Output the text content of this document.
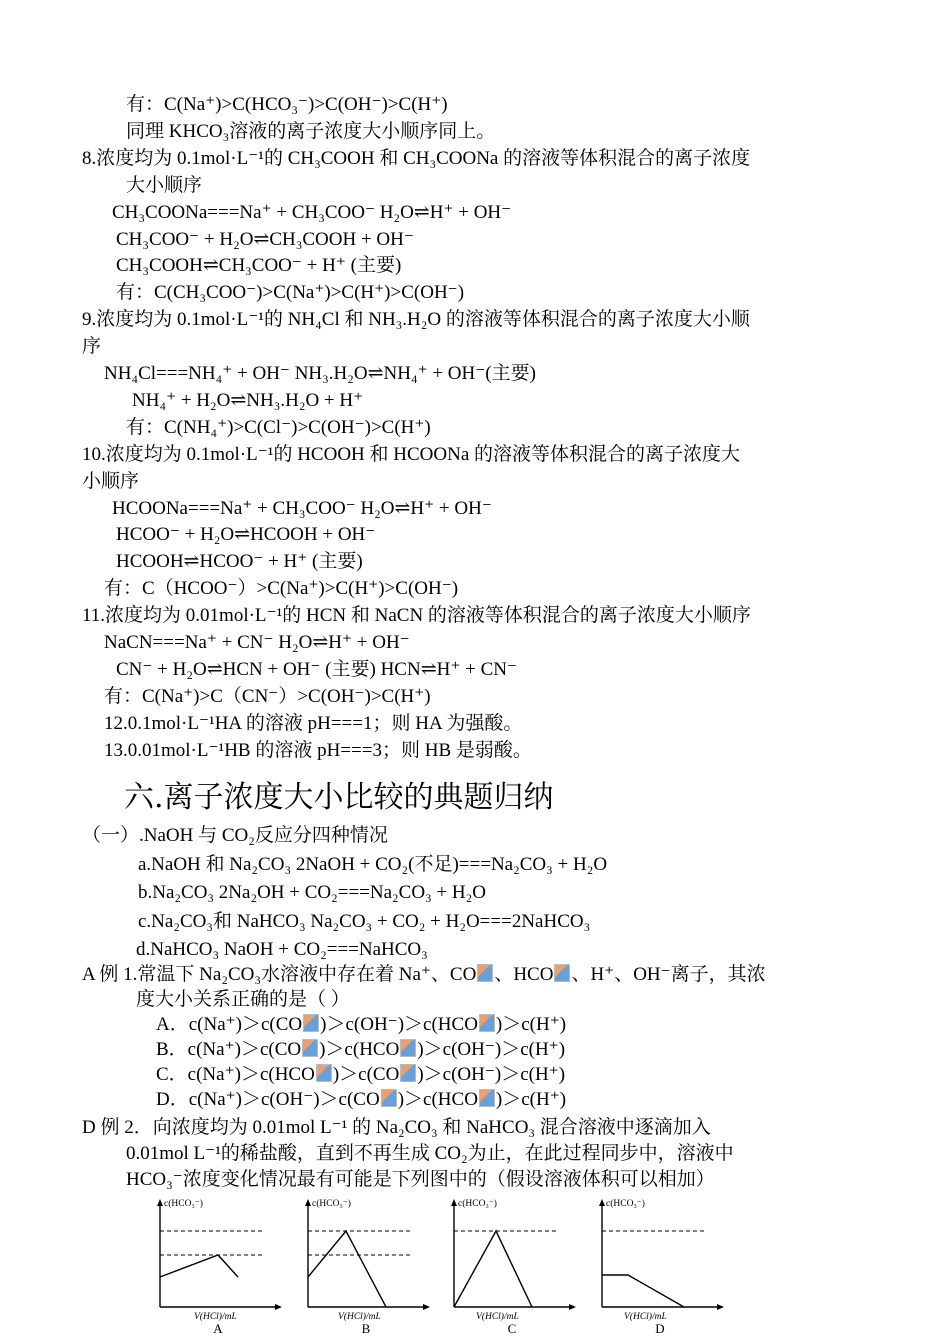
有：C(Na⁺)>C(HCO₃⁻)>C(OH⁻)>C(H⁺)
同理 KHCO₃溶液的离子浓度大小顺序同上。
8.浓度均为 0.1mol·L⁻¹的 CH₃COOH 和 CH₃COONa 的溶液等体积混合的离子浓度
大小顺序
CH₃COONa===Na⁺ + CH₃COO⁻ H₂O⇌H⁺ + OH⁻
CH₃COO⁻ + H₂O⇌CH₃COOH + OH⁻
CH₃COOH⇌CH₃COO⁻ + H⁺ (主要)
有：C(CH₃COO⁻)>C(Na⁺)>C(H⁺)>C(OH⁻)
9.浓度均为 0.1mol·L⁻¹的 NH₄Cl 和 NH₃.H₂O 的溶液等体积混合的离子浓度大小顺
序
NH₄Cl===NH₄⁺ + OH⁻ NH₃.H₂O⇌NH₄⁺ + OH⁻(主要)
NH₄⁺ + H₂O⇌NH₃.H₂O + H⁺
有：C(NH₄⁺)>C(Cl⁻)>C(OH⁻)>C(H⁺)
10.浓度均为 0.1mol·L⁻¹的 HCOOH 和 HCOONa 的溶液等体积混合的离子浓度大
小顺序
HCOONa===Na⁺ + CH₃COO⁻ H₂O⇌H⁺ + OH⁻
HCOO⁻ + H₂O⇌HCOOH + OH⁻
HCOOH⇌HCOO⁻ + H⁺ (主要)
有：C（HCOO⁻）>C(Na⁺)>C(H⁺)>C(OH⁻)
11.浓度均为 0.01mol·L⁻¹的 HCN 和 NaCN 的溶液等体积混合的离子浓度大小顺序
NaCN===Na⁺ + CN⁻ H₂O⇌H⁺ + OH⁻
CN⁻ + H₂O⇌HCN + OH⁻ (主要) HCN⇌H⁺ + CN⁻
有：C(Na⁺)>C（CN⁻）>C(OH⁻)>C(H⁺)
12.0.1mol·L⁻¹HA 的溶液 pH===1；则 HA 为强酸。
13.0.01mol·L⁻¹HB 的溶液 pH===3；则 HB 是弱酸。
六.离子浓度大小比较的典题归纳
（一）.NaOH 与 CO₂反应分四种情况
a.NaOH 和 Na₂CO₃ 2NaOH + CO₂(不足)===Na₂CO₃ + H₂O
b.Na₂CO₃ 2Na₂OH + CO₂===Na₂CO₃ + H₂O
c.Na₂CO₃和 NaHCO₃ Na₂CO₃ + CO₂ + H₂O===2NaHCO₃
d.NaHCO₃ NaOH + CO₂===NaHCO₃
A 例 1.常温下 Na₂CO₃水溶液中存在着 Na⁺、CO 、HCO 、H⁺、OH⁻离子，其浓
度大小关系正确的是（ ）
A．c(Na⁺)＞c(CO )＞c(OH⁻)＞c(HCO )＞c(H⁺)
B．c(Na⁺)＞c(CO )＞c(HCO )＞c(OH⁻)＞c(H⁺)
C．c(Na⁺)＞c(HCO )＞c(CO )＞c(OH⁻)＞c(H⁺)
D．c(Na⁺)＞c(OH⁻)＞c(CO )＞c(HCO )＞c(H⁺)
D 例 2．向浓度均为 0.01mol L⁻¹ 的 Na₂CO₃ 和 NaHCO₃ 混合溶液中逐滴加入
0.01mol L⁻¹的稀盐酸，直到不再生成 CO₂为止，在此过程同步中，溶液中
HCO₃⁻浓度变化情况最有可能是下列图中的（假设溶液体积可以相加）
c(HCO₃⁻)
V(HCl)/mL
A
c(HCO₃⁻)
V(HCl)/mL
B
c(HCO₃⁻)
V(HCl)/mL
C
c(HCO₃⁻)
V(HCl)/mL
D
